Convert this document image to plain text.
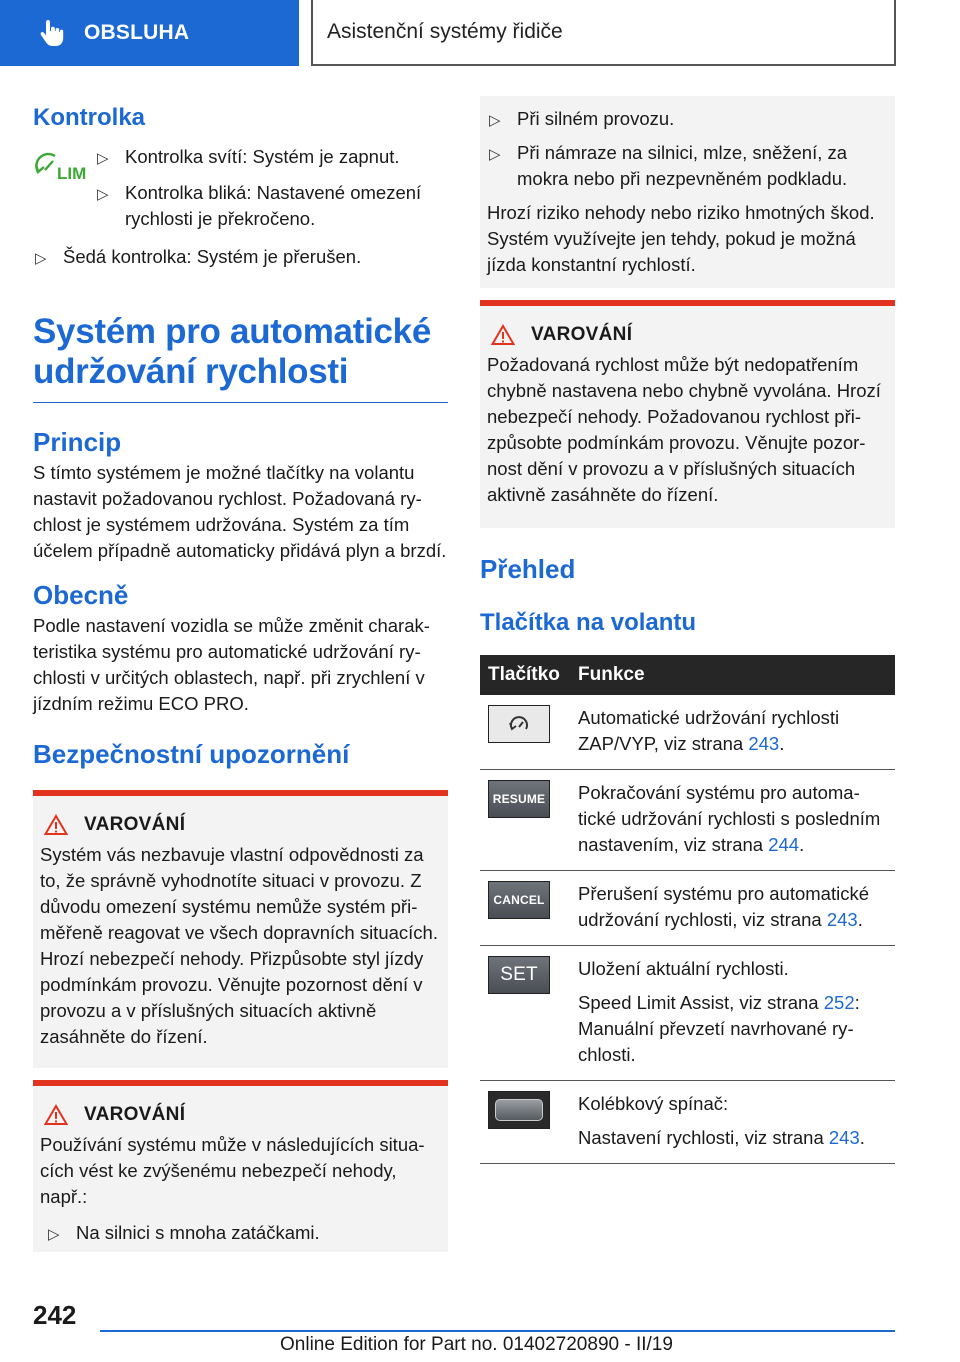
OBSLUHA	Asistenční systémy řidiče
Kontrolka
LIM
▷ Kontrolka svítí: Systém je zapnut.
▷ Kontrolka bliká: Nastavené omezení rychlosti je překročeno.
▷ Šedá kontrolka: Systém je přerušen.
Systém pro automatické
udržování rychlosti
Princip

S tímto systémem je možné tlačítky na volantu nastavit požadovanou rychlost. Požadovaná rychlost je systémem udržována. Systém za tím účelem případně automaticky přidává plyn a brzdí.

Obecně

Podle nastavení vozidla se může změnit charakteristika systému pro automatické udržování rychlosti v určitých oblastech, např. při zrychlení v jízdním režimu ECO PRO.

Bezpečnostní upozornění
VAROVÁNÍ

Systém vás nezbavuje vlastní odpovědnosti za to, že správně vyhodnotíte situaci v provozu. Z důvodu omezení systému nemůže systém přiměřeně reagovat ve všech dopravních situacích. Hrozí nebezpečí nehody. Přizpůsobte styl jízdy podmínkám provozu. Věnujte pozornost dění v provozu a v příslušných situacích aktivně zasáhněte do řízení.

VAROVÁNÍ

Používání systému může v následujících situacích vést ke zvýšenému nebezpečí nehody, např.:

▷ Na silnici s mnoha zatáčkami.
▷ Při silném provozu.
▷ Při námraze na silnici, mlze, sněžení, za mokra nebo při nezpevněném podkladu.

Hrozí riziko nehody nebo riziko hmotných škod. Systém využívejte jen tehdy, pokud je možná jízda konstantní rychlostí.

VAROVÁNÍ

Požadovaná rychlost může být nedopatřením chybně nastavena nebo chybně vyvolána. Hrozí nebezpečí nehody. Požadovanou rychlost přizpůsobte podmínkám provozu. Věnujte pozornost dění v provozu a v příslušných situacích aktivně zasáhněte do řízení.

Přehled
Tlačítka na volantu
Tlačítko	Funkce

	Automatické udržování rychlosti ZAP/VYP, viz strana 243.

RESUME	Pokračování systému pro automatické udržování rychlosti s posledním nastavením, viz strana 244.

CANCEL	Přerušení systému pro automatické udržování rychlosti, viz strana 243.

SET	Uložení aktuální rychlosti.
Speed Limit Assist, viz strana 252:
Manuální převzetí navrhované rychlosti.

	Kolébkový spínač:
Nastavení rychlosti, viz strana 243.
242
Online Edition for Part no. 01402720890 - II/19
